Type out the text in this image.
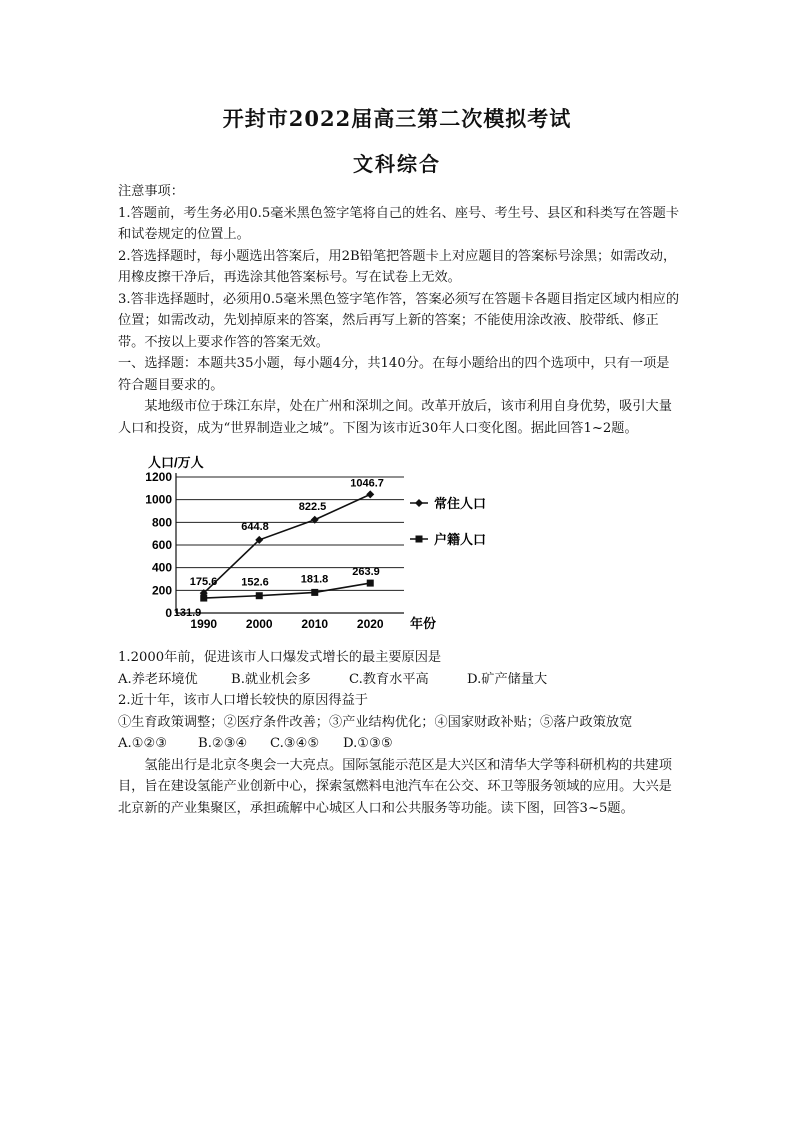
开封市2022届高三第二次模拟考试
文科综合

注意事项：

1.答题前，考生务必用0.5毫米黑色签字笔将自己的姓名、座号、考生号、县区和科类写在答题卡和试卷规定的位置上。

2.答选择题时，每小题选出答案后，用2B铅笔把答题卡上对应题目的答案标号涂黑；如需改动，用橡皮擦干净后，再选涂其他答案标号。写在试卷上无效。

3.答非选择题时，必须用0.5毫米黑色签字笔作答，答案必须写在答题卡各题目指定区域内相应的位置；如需改动，先划掉原来的答案，然后再写上新的答案；不能使用涂改液、胶带纸、修正带。不按以上要求作答的答案无效。

一、选择题：本题共35小题，每小题4分，共140分。在每小题给出的四个选项中，只有一项是符合题目要求的。

某地级市位于珠江东岸，处在广州和深圳之间。改革开放后，该市利用自身优势，吸引大量人口和投资，成为“世界制造业之城”。下图为该市近30年人口变化图。据此回答1~2题。

0
200
400
600
800
1000
1200
人口/万人
年份
1990 2000 2010 2020
175.6
644.8
822.5
1046.7
131.9
152.6	181.8
263.9
常住人口
户籍人口

1.2000年前，促进该市人口爆发式增长的最主要原因是

A.养老环境优	B.就业机会多	C.教育水平高	D.矿产储量大

2.近十年，该市人口增长较快的原因得益于

①生育政策调整；②医疗条件改善；③产业结构优化；④国家财政补贴；⑤落户政策放宽

A.①②③	B.②③④	C.③④⑤	D.①③⑤

氢能出行是北京冬奥会一大亮点。国际氢能示范区是大兴区和清华大学等科研机构的共建项目，旨在建设氢能产业创新中心，探索氢燃料电池汽车在公交、环卫等服务领域的应用。大兴是北京新的产业集聚区，承担疏解中心城区人口和公共服务等功能。读下图，回答3~5题。
